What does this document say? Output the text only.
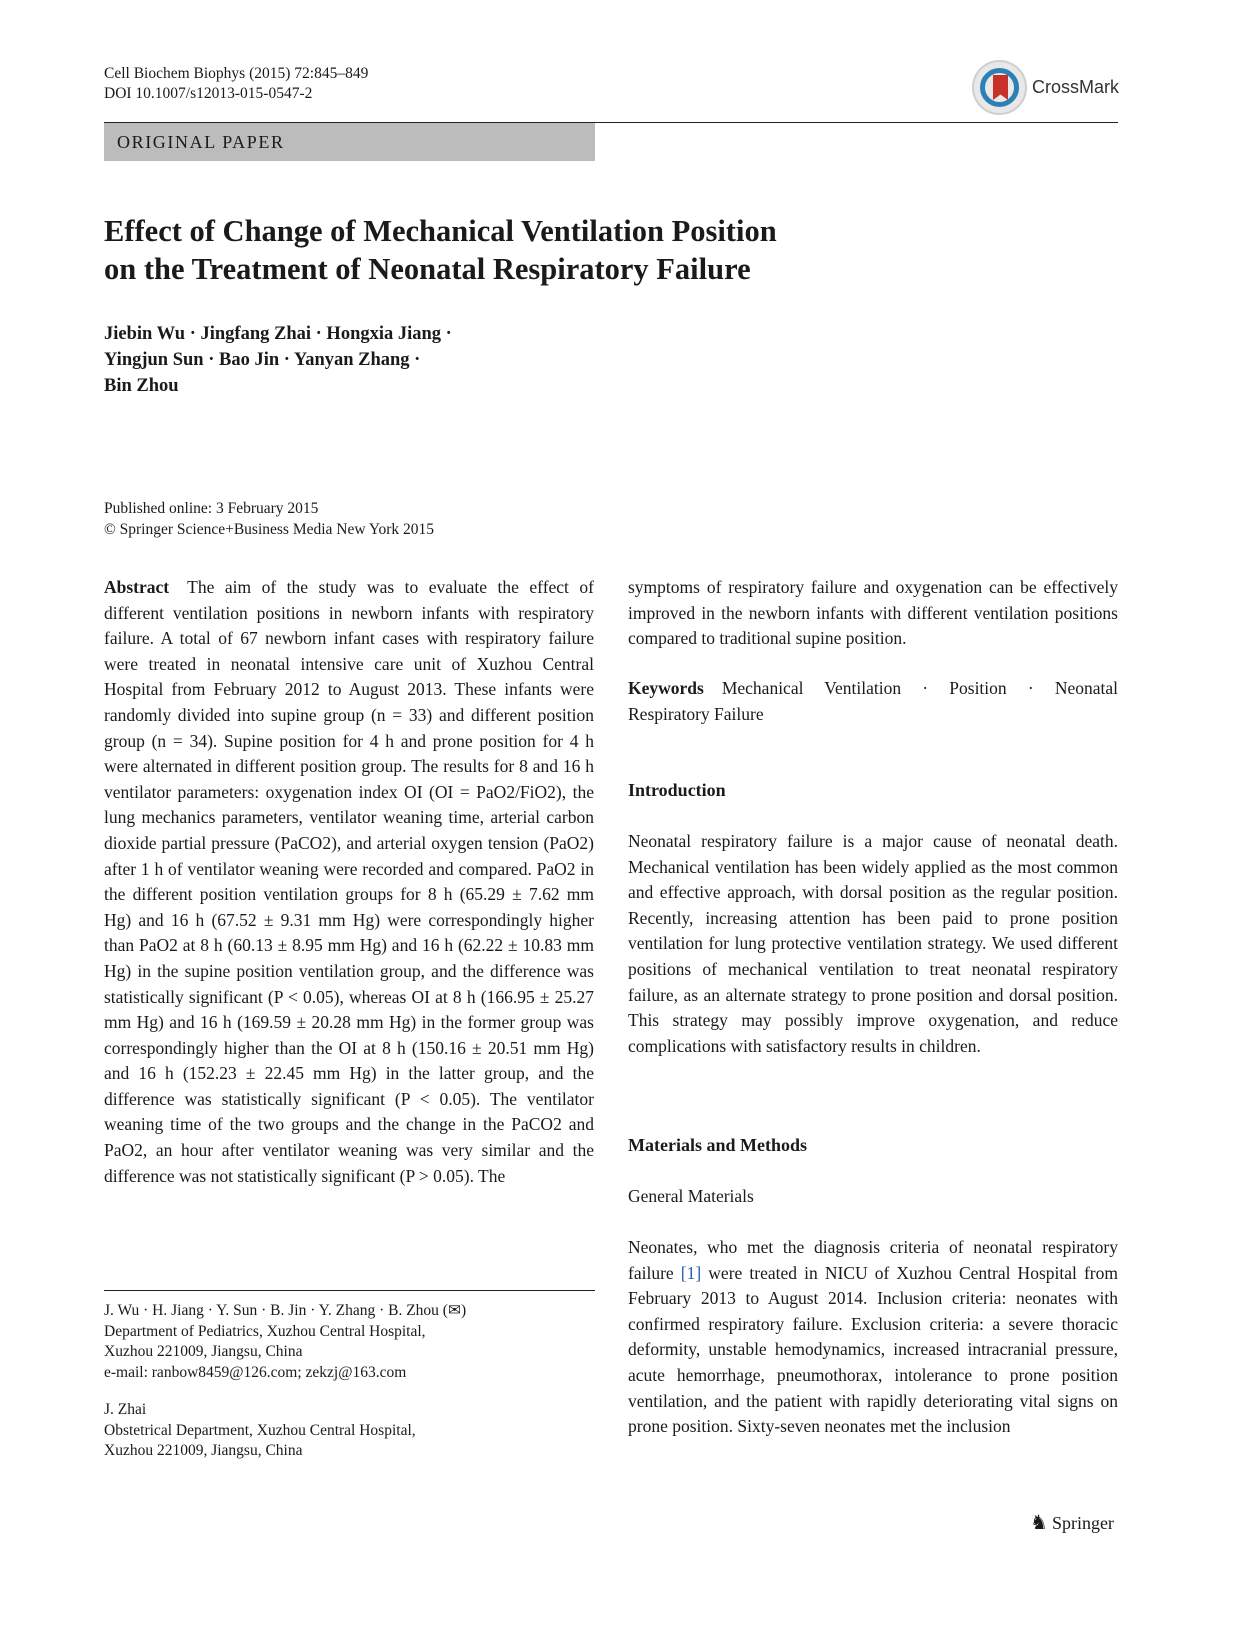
Cell Biochem Biophys (2015) 72:845–849
DOI 10.1007/s12013-015-0547-2	CrossMark
ORIGINAL PAPER
Effect of Change of Mechanical Ventilation Position
on the Treatment of Neonatal Respiratory Failure
Jiebin Wu · Jingfang Zhai · Hongxia Jiang ·
Yingjun Sun · Bao Jin · Yanyan Zhang ·
Bin Zhou
Published online: 3 February 2015
© Springer Science+Business Media New York 2015

Abstract The aim of the study was to evaluate the effect of different ventilation positions in newborn infants with respiratory failure. A total of 67 newborn infant cases with respiratory failure were treated in neonatal intensive care unit of Xuzhou Central Hospital from February 2012 to August 2013. These infants were randomly divided into supine group (n = 33) and different position group (n = 34). Supine position for 4 h and prone position for 4 h were alternated in different position group. The results for 8 and 16 h ventilator parameters: oxygenation index OI (OI = PaO2/FiO2), the lung mechanics parameters, ventilator weaning time, arterial carbon dioxide partial pressure (PaCO2), and arterial oxygen tension (PaO2) after 1 h of ventilator weaning were recorded and compared. PaO2 in the different position ventilation groups for 8 h (65.29 ± 7.62 mm Hg) and 16 h (67.52 ± 9.31 mm Hg) were correspondingly higher than PaO2 at 8 h (60.13 ± 8.95 mm Hg) and 16 h (62.22 ± 10.83 mm Hg) in the supine position ventilation group, and the difference was statistically significant (P < 0.05), whereas OI at 8 h (166.95 ± 25.27 mm Hg) and 16 h (169.59 ± 20.28 mm Hg) in the former group was correspondingly higher than the OI at 8 h (150.16 ± 20.51 mm Hg) and 16 h (152.23 ± 22.45 mm Hg) in the latter group, and the difference was statistically significant (P < 0.05). The ventilator weaning time of the two groups and the change in the PaCO2 and PaO2, an hour after ventilator weaning was very similar and the difference was not statistically significant (P > 0.05). The

J. Wu · H. Jiang · Y. Sun · B. Jin · Y. Zhang · B. Zhou (✉)
Department of Pediatrics, Xuzhou Central Hospital,
Xuzhou 221009, Jiangsu, China
e-mail: ranbow8459@126.com; zekzj@163.com
J. Zhai
Obstetrical Department, Xuzhou Central Hospital,
Xuzhou 221009, Jiangsu, China

symptoms of respiratory failure and oxygenation can be effectively improved in the newborn infants with different ventilation positions compared to traditional supine position.

Keywords Mechanical Ventilation · Position · Neonatal Respiratory Failure

Introduction
Neonatal respiratory failure is a major cause of neonatal death. Mechanical ventilation has been widely applied as the most common and effective approach, with dorsal position as the regular position. Recently, increasing attention has been paid to prone position ventilation for lung protective ventilation strategy. We used different positions of mechanical ventilation to treat neonatal respiratory failure, as an alternate strategy to prone position and dorsal position. This strategy may possibly improve oxygenation, and reduce complications with satisfactory results in children.
Materials and Methods
General Materials

Neonates, who met the diagnosis criteria of neonatal respiratory failure [1] were treated in NICU of Xuzhou Central Hospital from February 2013 to August 2014. Inclusion criteria: neonates with confirmed respiratory failure. Exclusion criteria: a severe thoracic deformity, unstable hemodynamics, increased intracranial pressure, acute hemorrhage, pneumothorax, intolerance to prone position ventilation, and the patient with rapidly deteriorating vital signs on prone position. Sixty-seven neonates met the inclusion

♞ Springer
